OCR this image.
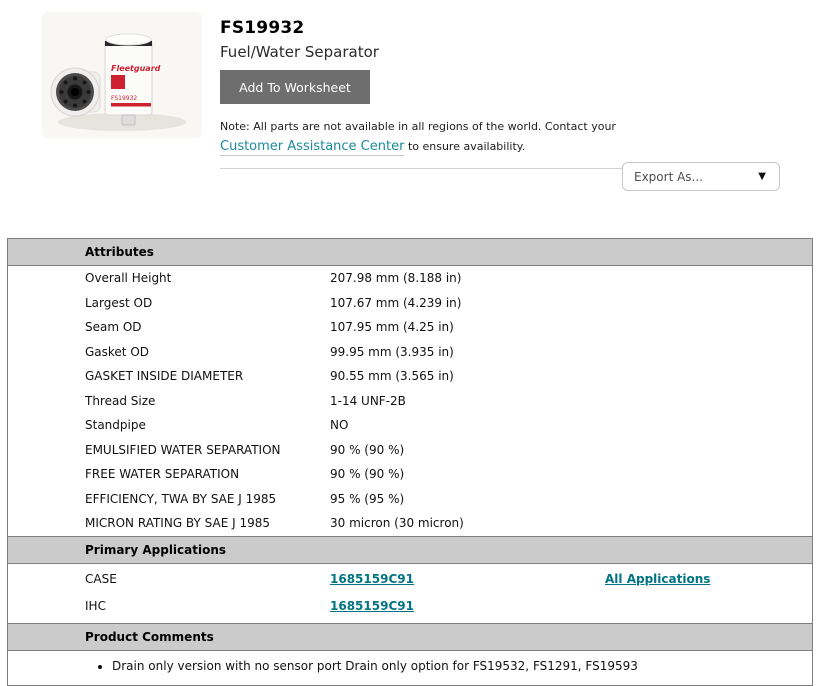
Fleetguard
FS19932
FS19932
Fuel/Water Separator
Add To Worksheet

Note: All parts are not available in all regions of the world. Contact your Customer Assistance Center to ensure availability.

Export As...	▼
Attributes
Overall Height	207.98 mm (8.188 in)
Largest OD	107.67 mm (4.239 in)
Seam OD	107.95 mm (4.25 in)
Gasket OD	99.95 mm (3.935 in)
GASKET INSIDE DIAMETER	90.55 mm (3.565 in)
Thread Size	1-14 UNF-2B
Standpipe	NO
EMULSIFIED WATER SEPARATION	90 % (90 %)
FREE WATER SEPARATION	90 % (90 %)
EFFICIENCY, TWA BY SAE J 1985	95 % (95 %)
MICRON RATING BY SAE J 1985	30 micron (30 micron)
Primary Applications
CASE	1685159C91	All Applications
IHC	1685159C91
Product Comments
• Drain only version with no sensor port Drain only option for FS19532, FS1291, FS19593
